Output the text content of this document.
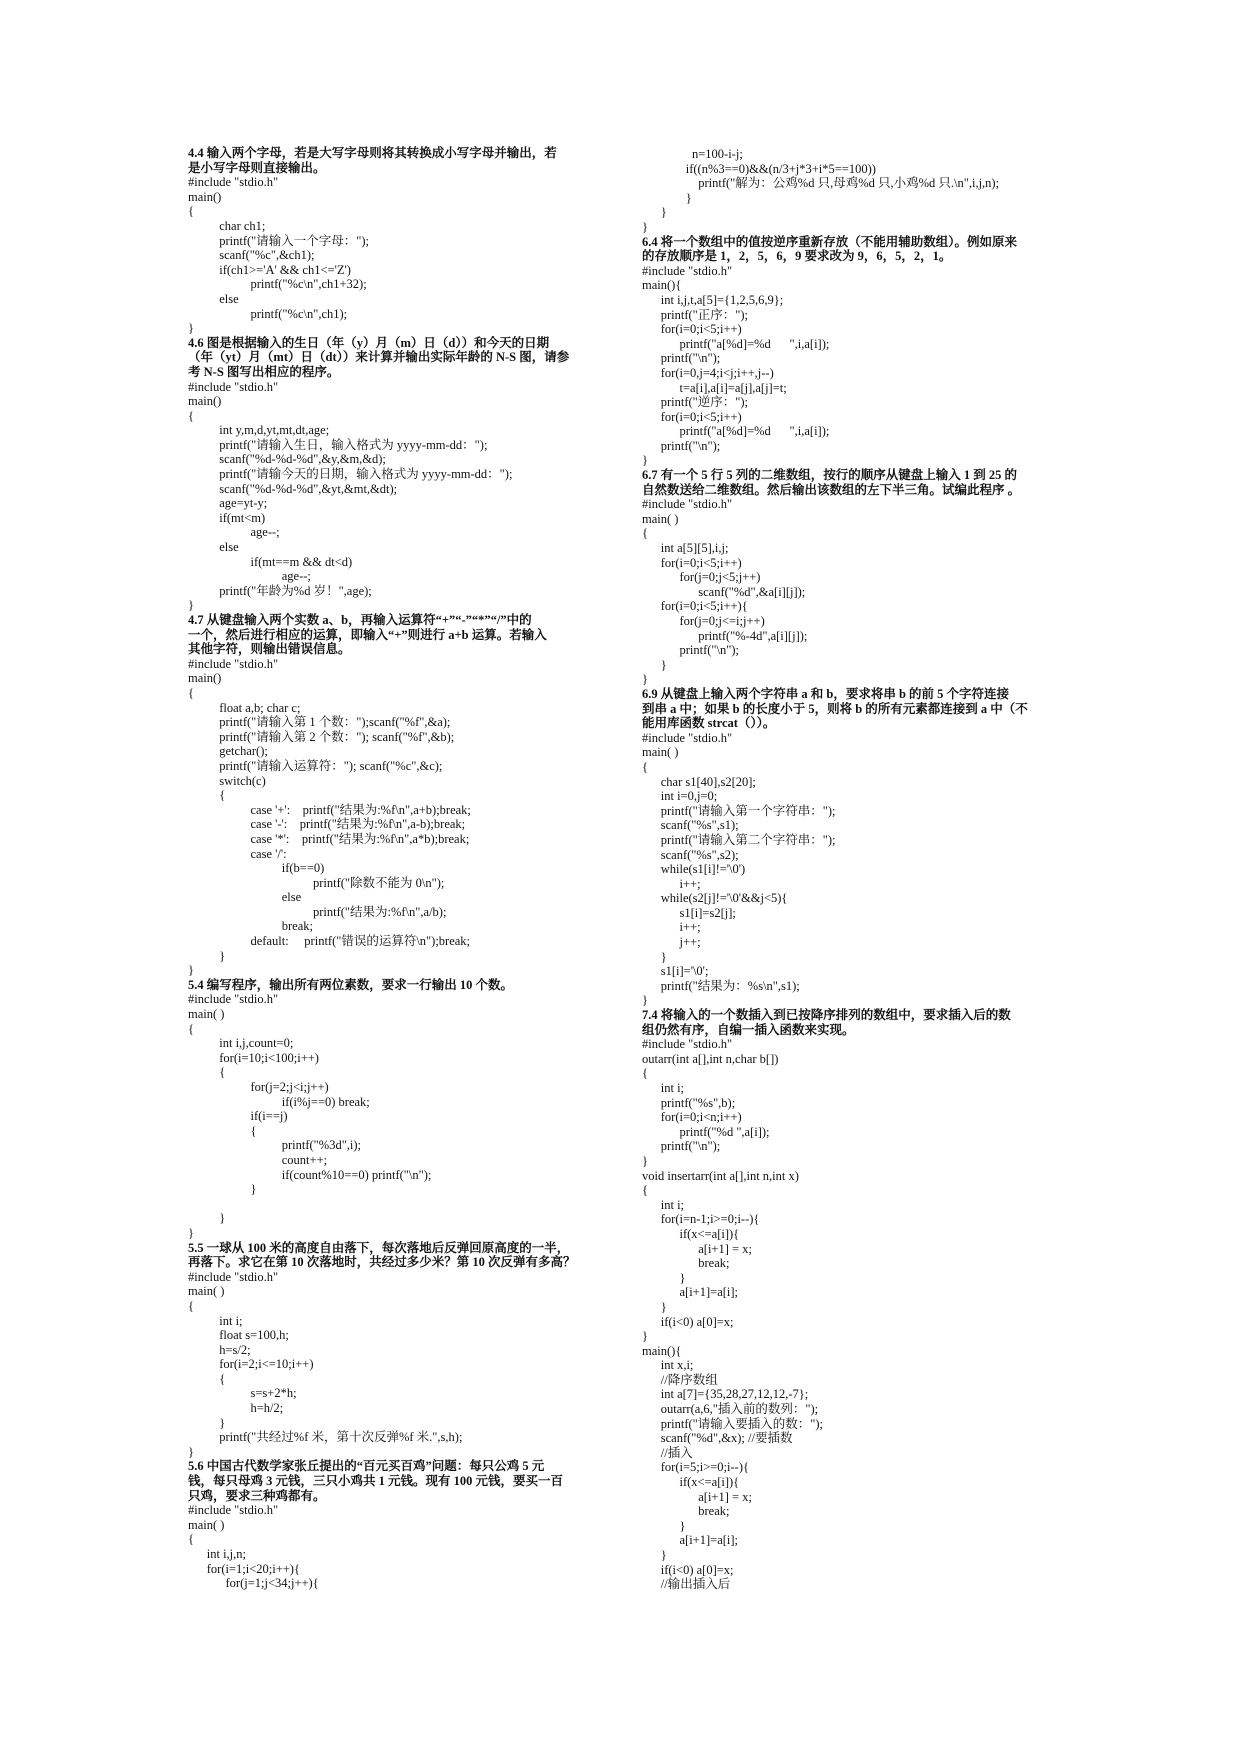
4.4 输入两个字母，若是大写字母则将其转换成小写字母并输出，若
是小写字母则直接输出。
#include "stdio.h"
main()
{
char ch1;
printf("请输入一个字母：");
scanf("%c",&ch1);
if(ch1>='A' && ch1<='Z')
printf("%c\n",ch1+32);
else
printf("%c\n",ch1);
}
4.6 图是根据输入的生日（年（y）月（m）日（d））和今天的日期
（年（yt）月（mt）日（dt））来计算并输出实际年龄的 N-S 图，请参
考 N-S 图写出相应的程序。
#include "stdio.h"
main()
{
int y,m,d,yt,mt,dt,age;
printf("请输入生日，输入格式为 yyyy-mm-dd：");
scanf("%d-%d-%d",&y,&m,&d);
printf("请输今天的日期，输入格式为 yyyy-mm-dd：");
scanf("%d-%d-%d",&yt,&mt,&dt);
age=yt-y;
if(mt<m)
age--;
else
if(mt==m && dt<d)
age--;
printf("年龄为%d 岁！",age);
}
4.7 从键盘输入两个实数 a、b，再输入运算符“+”“-”“*”“/”中的
一个，然后进行相应的运算，即输入“+”则进行 a+b 运算。若输入
其他字符，则输出错误信息。
#include "stdio.h"
main()
{
float a,b; char c;
printf("请输入第 1 个数：");scanf("%f",&a);
printf("请输入第 2 个数："); scanf("%f",&b);
getchar();
printf("请输入运算符："); scanf("%c",&c);
switch(c)
{
case '+':    printf("结果为:%f\n",a+b);break;
case '-':    printf("结果为:%f\n",a-b);break;
case '*':    printf("结果为:%f\n",a*b);break;
case '/':
if(b==0)
printf("除数不能为 0\n");
else
printf("结果为:%f\n",a/b);
break;
default:     printf("错误的运算符\n");break;
}
}
5.4 编写程序，输出所有两位素数，要求一行输出 10 个数。
#include "stdio.h"
main( )
{
int i,j,count=0;
for(i=10;i<100;i++)
{
for(j=2;j<i;j++)
if(i%j==0) break;
if(i==j)
{
printf("%3d",i);
count++;
if(count%10==0) printf("\n");
}
}
}
5.5 一球从 100 米的高度自由落下，每次落地后反弹回原高度的一半，
再落下。求它在第 10 次落地时，共经过多少米？第 10 次反弹有多高？
#include "stdio.h"
main( )
{
int i;
float s=100,h;
h=s/2;
for(i=2;i<=10;i++)
{
s=s+2*h;
h=h/2;
}
printf("共经过%f 米，第十次反弹%f 米.",s,h);
}
5.6 中国古代数学家张丘提出的“百元买百鸡”问题：每只公鸡 5 元
钱，每只母鸡 3 元钱，三只小鸡共 1 元钱。现有 100 元钱，要买一百
只鸡，要求三种鸡都有。
#include "stdio.h"
main( )
{
int i,j,n;
for(i=1;i<20;i++){
for(j=1;j<34;j++){
n=100-i-j;
if((n%3==0)&&(n/3+j*3+i*5==100))
printf("解为：公鸡%d 只,母鸡%d 只,小鸡%d 只.\n",i,j,n);
}
}
}
6.4 将一个数组中的值按逆序重新存放（不能用辅助数组）。例如原来
的存放顺序是 1，2，5，6，9 要求改为 9，6，5，2，1。
#include "stdio.h"
main(){
int i,j,t,a[5]={1,2,5,6,9};
printf("正序：");
for(i=0;i<5;i++)
printf("a[%d]=%d      ",i,a[i]);
printf("\n");
for(i=0,j=4;i<j;i++,j--)
t=a[i],a[i]=a[j],a[j]=t;
printf("逆序：");
for(i=0;i<5;i++)
printf("a[%d]=%d      ",i,a[i]);
printf("\n");
}
6.7 有一个 5 行 5 列的二维数组，按行的顺序从键盘上输入 1 到 25 的
自然数送给二维数组。然后输出该数组的左下半三角。试编此程序 。
#include "stdio.h"
main( )
{
int a[5][5],i,j;
for(i=0;i<5;i++)
for(j=0;j<5;j++)
scanf("%d",&a[i][j]);
for(i=0;i<5;i++){
for(j=0;j<=i;j++)
printf("%-4d",a[i][j]);
printf("\n");
}
}
6.9 从键盘上输入两个字符串 a 和 b，要求将串 b 的前 5 个字符连接
到串 a 中；如果 b 的长度小于 5，则将 b 的所有元素都连接到 a 中（不
能用库函数 strcat（））。
#include "stdio.h"
main( )
{
char s1[40],s2[20];
int i=0,j=0;
printf("请输入第一个字符串：");
scanf("%s",s1);
printf("请输入第二个字符串：");
scanf("%s",s2);
while(s1[i]!='\0')
i++;
while(s2[j]!='\0'&&j<5){
s1[i]=s2[j];
i++;
j++;
}
s1[i]='\0';
printf("结果为：%s\n",s1);
}
7.4 将输入的一个数插入到已按降序排列的数组中，要求插入后的数
组仍然有序，自编一插入函数来实现。
#include "stdio.h"
outarr(int a[],int n,char b[])
{
int i;
printf("%s",b);
for(i=0;i<n;i++)
printf("%d ",a[i]);
printf("\n");
}
void insertarr(int a[],int n,int x)
{
int i;
for(i=n-1;i>=0;i--){
if(x<=a[i]){
a[i+1] = x;
break;
}
a[i+1]=a[i];
}
if(i<0) a[0]=x;
}
main(){
int x,i;
//降序数组
int a[7]={35,28,27,12,12,-7};
outarr(a,6,"插入前的数列：");
printf("请输入要插入的数：");
scanf("%d",&x); //要插数
//插入
for(i=5;i>=0;i--){
if(x<=a[i]){
a[i+1] = x;
break;
}
a[i+1]=a[i];
}
if(i<0) a[0]=x;
//输出插入后
